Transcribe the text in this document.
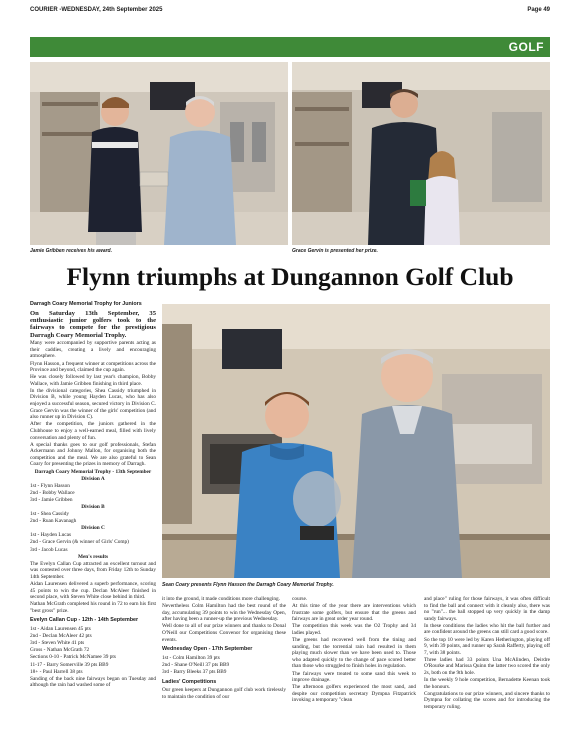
COURIER -WEDNESDAY, 24th September 2025	Page 49
GOLF
Jamie Gribben receives his award.	Grace Gervin is presented her prize.
Flynn triumphs at Dungannon Golf Club

Darragh Coary Memorial Trophy for Juniors

On Saturday 13th September, 35 enthusiastic junior golfers took to the fairways to compete for the prestigious Darragh Coary Memorial Trophy.

Many were accompanied by supportive parents acting as their caddies, creating a lively and encouraging atmosphere.

Flynn Hasson, a frequent winner at competitions across the Province and beyond, claimed the cup again.

He was closely followed by last year's champion, Bobby Wallace, with Jamie Gribben finishing in third place.

In the divisional categories, Shea Cassidy triumphed in Division B, while young Hayden Lucas, who has also enjoyed a successful season, secured victory in Division C. Grace Gervin was the winner of the girls' competition (and also runner up in Division C).

After the competition, the juniors gathered in the Clubhouse to enjoy a well-earned meal, filled with lively conversation and plenty of fun.

A special thanks goes to our golf professionals, Stefan Ackermann and Johnny Mallon, for organising both the competition and the meal. We are also grateful to Sean Coary for presenting the prizes in memory of Darragh.

Darragh Coary Memorial Trophy - 13th September

Division A

1st - Flynn Hasson

2nd - Bobby Wallace

3rd - Jamie Gribben

Division B

1st - Shea Cassidy

2nd - Ruan Kavanagh

Division C

1st - Hayden Lucas

2nd - Grace Gervin (& winner of Girls' Comp)

3rd - Jacob Lucas

Men's results

The Evelyn Callan Cup attracted an excellent turnout and was contested over three days, from Friday 12th to Sunday 14th September.

Aidan Laurensen delivered a superb performance, scoring 45 points to win the cup. Declan McAleer finished in second place, with Steven White close behind in third.

Nathan McGrath completed his round in 72 to earn his first "best gross" prize.

Evelyn Callan Cup - 12th - 14th September

1st - Aidan Laurensen 45 pts

2nd - Declan McAleer 42 pts

3rd - Steven White 41 pts

Gross - Nathan McGrath 72

Sections 0-10 - Patrick McNamee 39 pts

11-17 - Barry Somerville 39 pts BB9

18+ - Paul Harrell 38 pts

Sanding of the back nine fairways began on Tuesday and although the rain had washed some of

Sean Coary presents Flynn Hasson the Darragh Coary Memorial Trophy.

it into the ground, it made conditions more challenging.

Nevertheless Colm Hamilton had the best round of the day, accumulating 39 points to win the Wednesday Open, after having been a runner-up the previous Wednesday.

Well done to all of our prize winners and thanks to Donal O'Neill our Competitions Convenor for organising these events.

Wednesday Open - 17th September

1st - Colm Hamilton 39 pts

2nd - Shane O'Neill 37 pts BB9

3rd - Barry Bleeks 37 pts BB9

Ladies' Competitions

Our green keepers at Dungannon golf club work tirelessly to maintain the condition of our

course.

At this time of the year there are interventions which frustrate some golfers, but ensure that the greens and fairways are in great order year round.

The competition this week was the O2 Trophy and 34 ladies played.

The greens had recovered well from the tining and sanding, but the torrential rain had resulted in them playing much slower than we have been used to. Those who adapted quickly to the change of pace scored better than those who struggled to finish holes in regulation.

The fairways were treated to some sand this week to improve drainage.

The afternoon golfers experienced the most sand, and despite our competition secretary Dympna Fitzpatrick invoking a temporary "clean

and place" ruling for those fairways, it was often difficult to find the ball and connect with it cleanly also, there was no "run"... the ball stopped up very quickly in the damp sandy fairways.

In these conditions the ladies who hit the ball further and are confident around the greens can still card a good score.

So the top 10 were led by Karen Hetherington, playing off 9, with 39 points, and runner up Sarah Rafferty, playing off 7, with 38 points.

Three ladies had 33 points Una McAlinden, Deirdre O'Rourke and Marissa Quinn the latter two scored the only 2s, both on the 9th hole.

In the weekly 9 hole competition, Bernadette Keenan took the honours.

Congratulations to our prize winners, and sincere thanks to Dympna for collating the scores and for introducing the temporary ruling.
